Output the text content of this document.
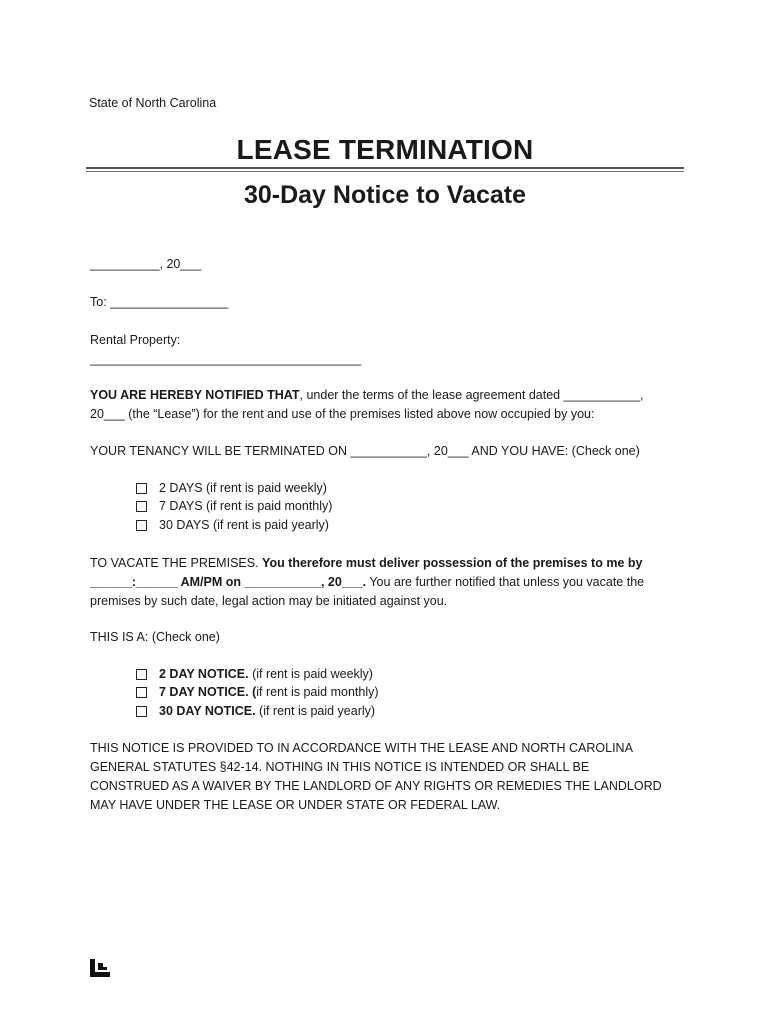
State of North Carolina
LEASE TERMINATION
30-Day Notice to Vacate
__________, 20___
To: _________________
Rental Property:
_______________________________________
YOU ARE HEREBY NOTIFIED THAT, under the terms of the lease agreement dated ___________,
20___ (the “Lease”) for the rent and use of the premises listed above now occupied by you:
YOUR TENANCY WILL BE TERMINATED ON ___________, 20___ AND YOU HAVE: (Check one)
2 DAYS (if rent is paid weekly)
7 DAYS (if rent is paid monthly)
30 DAYS (if rent is paid yearly)
TO VACATE THE PREMISES. You therefore must deliver possession of the premises to me by
______:______ AM/PM on ___________, 20___. You are further notified that unless you vacate the
premises by such date, legal action may be initiated against you.
THIS IS A: (Check one)
2 DAY NOTICE. (if rent is paid weekly)
7 DAY NOTICE. (if rent is paid monthly)
30 DAY NOTICE. (if rent is paid yearly)
THIS NOTICE IS PROVIDED TO IN ACCORDANCE WITH THE LEASE AND NORTH CAROLINA
GENERAL STATUTES §42-14. NOTHING IN THIS NOTICE IS INTENDED OR SHALL BE
CONSTRUED AS A WAIVER BY THE LANDLORD OF ANY RIGHTS OR REMEDIES THE LANDLORD
MAY HAVE UNDER THE LEASE OR UNDER STATE OR FEDERAL LAW.
